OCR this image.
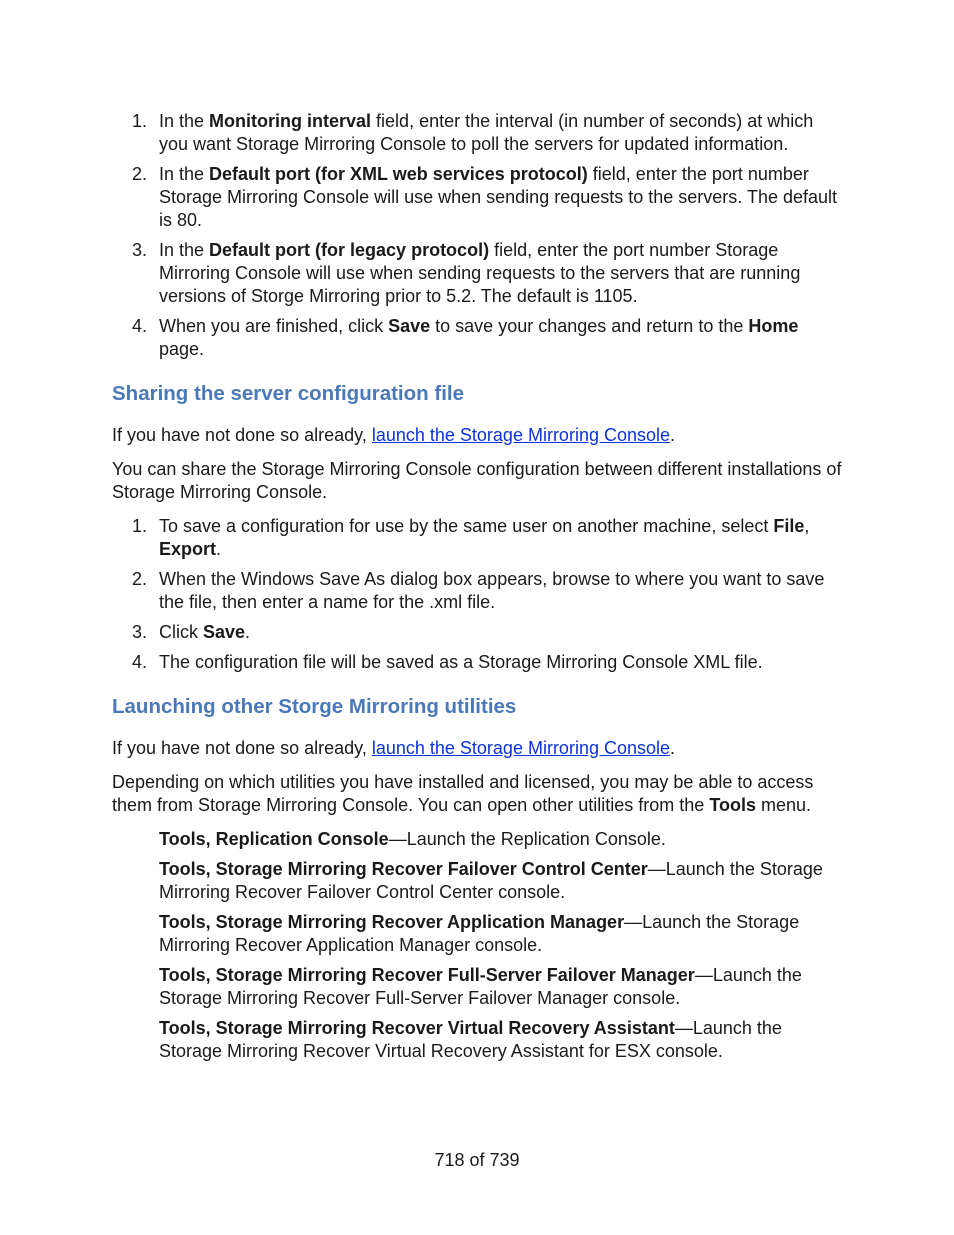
1. In the Monitoring interval field, enter the interval (in number of seconds) at which you want Storage Mirroring Console to poll the servers for updated information.
2. In the Default port (for XML web services protocol) field, enter the port number Storage Mirroring Console will use when sending requests to the servers. The default is 80.
3. In the Default port (for legacy protocol) field, enter the port number Storage Mirroring Console will use when sending requests to the servers that are running versions of Storge Mirroring prior to 5.2. The default is 1105.
4. When you are finished, click Save to save your changes and return to the Home page.
Sharing the server configuration file

If you have not done so already, launch the Storage Mirroring Console.

You can share the Storage Mirroring Console configuration between different installations of Storage Mirroring Console.

1. To save a configuration for use by the same user on another machine, select File, Export.
2. When the Windows Save As dialog box appears, browse to where you want to save the file, then enter a name for the .xml file.
3. Click Save.
4. The configuration file will be saved as a Storage Mirroring Console XML file.
Launching other Storge Mirroring utilities

If you have not done so already, launch the Storage Mirroring Console.

Depending on which utilities you have installed and licensed, you may be able to access them from Storage Mirroring Console. You can open other utilities from the Tools menu.

Tools, Replication Console—Launch the Replication Console.
Tools, Storage Mirroring Recover Failover Control Center—Launch the Storage Mirroring Recover Failover Control Center console.
Tools, Storage Mirroring Recover Application Manager—Launch the Storage Mirroring Recover Application Manager console.
Tools, Storage Mirroring Recover Full-Server Failover Manager—Launch the Storage Mirroring Recover Full-Server Failover Manager console.
Tools, Storage Mirroring Recover Virtual Recovery Assistant—Launch the Storage Mirroring Recover Virtual Recovery Assistant for ESX console.
718 of 739
